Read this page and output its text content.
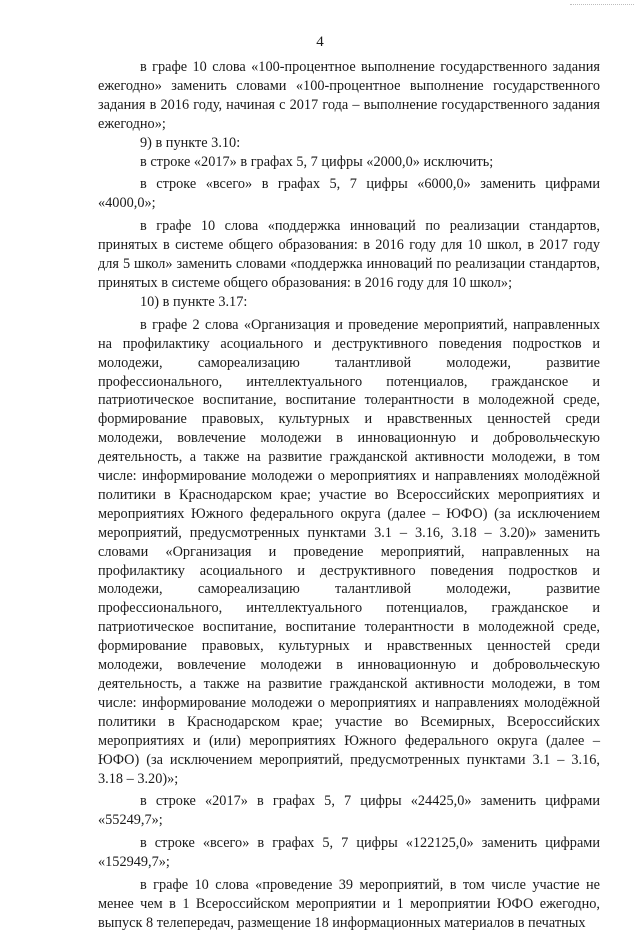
4

в графе 10 слова «100-процентное выполнение государственного задания ежегодно» заменить словами «100-процентное выполнение государственного задания в 2016 году, начиная с 2017 года – выполнение государственного задания ежегодно»;

9) в пункте 3.10:

в строке «2017» в графах 5, 7 цифры «2000,0» исключить;

в строке «всего» в графах 5, 7 цифры «6000,0» заменить цифрами «4000,0»;

в графе 10 слова «поддержка инноваций по реализации стандартов, принятых в системе общего образования: в 2016 году для 10 школ, в 2017 году для 5 школ» заменить словами «поддержка инноваций по реализации стандартов, принятых в системе общего образования: в 2016 году для 10 школ»;

10) в пункте 3.17:

в графе 2 слова «Организация и проведение мероприятий, направленных на профилактику асоциального и деструктивного поведения подростков и молодежи, самореализацию талантливой молодежи, развитие профессионального, интеллектуального потенциалов, гражданское и патриотическое воспитание, воспитание толерантности в молодежной среде, формирование правовых, культурных и нравственных ценностей среди молодежи, вовлечение молодежи в инновационную и добровольческую деятельность, а также на развитие гражданской активности молодежи, в том числе: информирование молодежи о мероприятиях и направлениях молодёжной политики в Краснодарском крае; участие во Всероссийских мероприятиях и мероприятиях Южного федерального округа (далее – ЮФО) (за исключением мероприятий, предусмотренных пунктами 3.1 – 3.16, 3.18 – 3.20)» заменить словами «Организация и проведение мероприятий, направленных на профилактику асоциального и деструктивного поведения подростков и молодежи, самореализацию талантливой молодежи, развитие профессионального, интеллектуального потенциалов, гражданское и патриотическое воспитание, воспитание толерантности в молодежной среде, формирование правовых, культурных и нравственных ценностей среди молодежи, вовлечение молодежи в инновационную и добровольческую деятельность, а также на развитие гражданской активности молодежи, в том числе: информирование молодежи о мероприятиях и направлениях молодёжной политики в Краснодарском крае; участие во Всемирных, Всероссийских мероприятиях и (или) мероприятиях Южного федерального округа (далее – ЮФО) (за исключением мероприятий, предусмотренных пунктами 3.1 – 3.16, 3.18 – 3.20)»;

в строке «2017» в графах 5, 7 цифры «24425,0» заменить цифрами «55249,7»;

в строке «всего» в графах 5, 7 цифры «122125,0» заменить цифрами «152949,7»;

в графе 10 слова «проведение 39 мероприятий, в том числе участие не менее чем в 1 Всероссийском мероприятии и 1 мероприятии ЮФО ежегодно, выпуск 8 телепередач, размещение 18 информационных материалов в печатных
